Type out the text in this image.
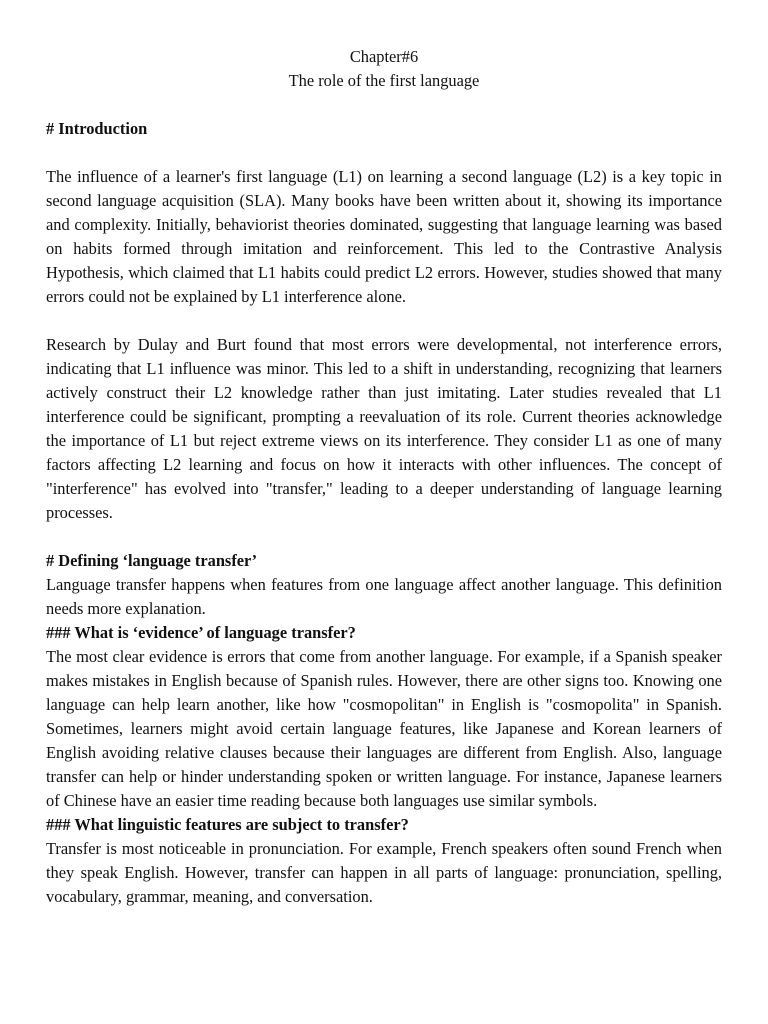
Chapter#6
The role of the first language
# Introduction

The influence of a learner's first language (L1) on learning a second language (L2) is a key topic in second language acquisition (SLA). Many books have been written about it, showing its importance and complexity. Initially, behaviorist theories dominated, suggesting that language learning was based on habits formed through imitation and reinforcement. This led to the Contrastive Analysis Hypothesis, which claimed that L1 habits could predict L2 errors. However, studies showed that many errors could not be explained by L1 interference alone.

Research by Dulay and Burt found that most errors were developmental, not interference errors, indicating that L1 influence was minor. This led to a shift in understanding, recognizing that learners actively construct their L2 knowledge rather than just imitating. Later studies revealed that L1 interference could be significant, prompting a reevaluation of its role. Current theories acknowledge the importance of L1 but reject extreme views on its interference. They consider L1 as one of many factors affecting L2 learning and focus on how it interacts with other influences. The concept of "interference" has evolved into "transfer," leading to a deeper understanding of language learning processes.

# Defining ‘language transfer’

Language transfer happens when features from one language affect another language. This definition needs more explanation.

### What is ‘evidence’ of language transfer?

The most clear evidence is errors that come from another language. For example, if a Spanish speaker makes mistakes in English because of Spanish rules. However, there are other signs too. Knowing one language can help learn another, like how "cosmopolitan" in English is "cosmopolita" in Spanish. Sometimes, learners might avoid certain language features, like Japanese and Korean learners of English avoiding relative clauses because their languages are different from English. Also, language transfer can help or hinder understanding spoken or written language. For instance, Japanese learners of Chinese have an easier time reading because both languages use similar symbols.

### What linguistic features are subject to transfer?

Transfer is most noticeable in pronunciation. For example, French speakers often sound French when they speak English. However, transfer can happen in all parts of language: pronunciation, spelling, vocabulary, grammar, meaning, and conversation.
